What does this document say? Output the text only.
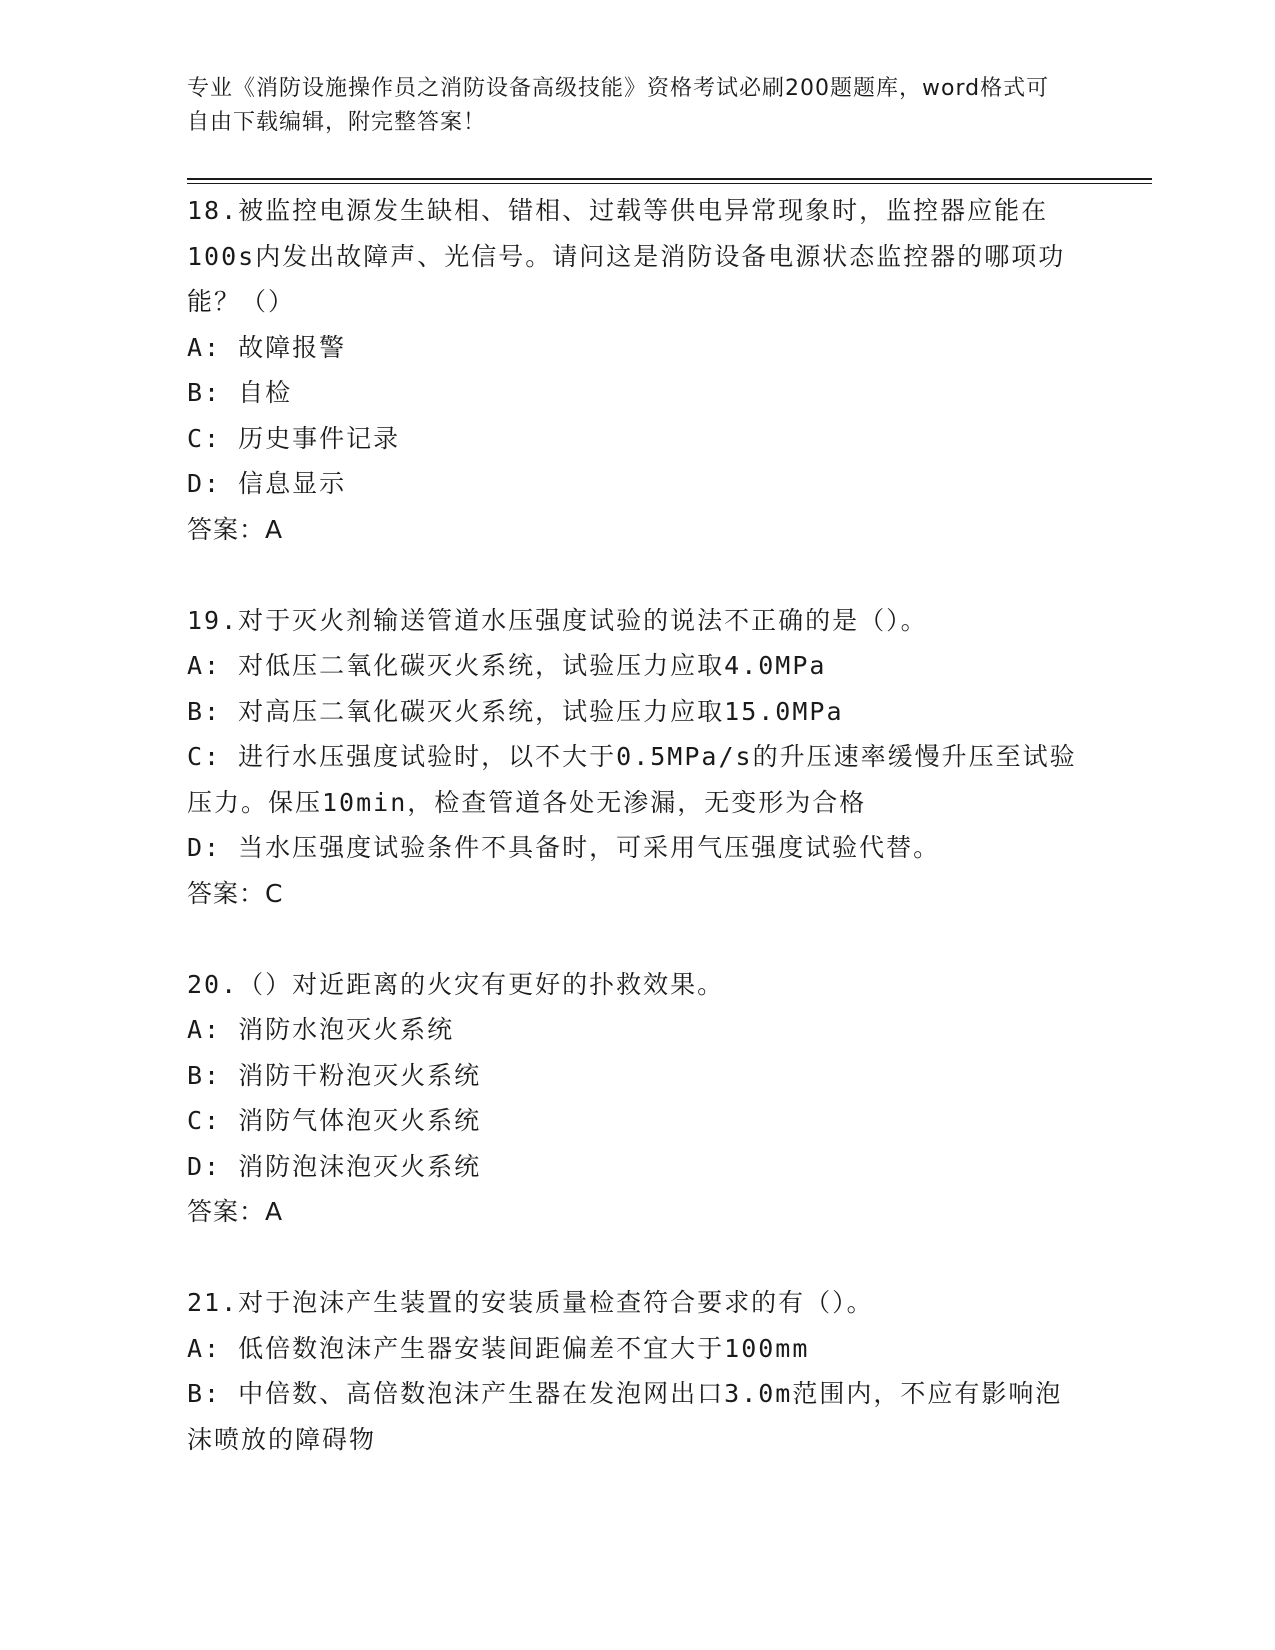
专业《消防设施操作员之消防设备高级技能》资格考试必刷200题题库，word格式可自由下载编辑，附完整答案！

18.被监控电源发生缺相、错相、过载等供电异常现象时，监控器应能在100s内发出故障声、光信号。请问这是消防设备电源状态监控器的哪项功能？（）

A: 故障报警

B: 自检

C: 历史事件记录

D: 信息显示

答案：A

19.对于灭火剂输送管道水压强度试验的说法不正确的是（）。

A: 对低压二氧化碳灭火系统，试验压力应取4.0MPa

B: 对高压二氧化碳灭火系统，试验压力应取15.0MPa

C: 进行水压强度试验时，以不大于0.5MPa/s的升压速率缓慢升压至试验压力。保压10min，检查管道各处无渗漏，无变形为合格

D: 当水压强度试验条件不具备时，可采用气压强度试验代替。

答案：C

20.（）对近距离的火灾有更好的扑救效果。

A: 消防水泡灭火系统

B: 消防干粉泡灭火系统

C: 消防气体泡灭火系统

D: 消防泡沫泡灭火系统

答案：A

21.对于泡沫产生装置的安装质量检查符合要求的有（）。

A: 低倍数泡沫产生器安装间距偏差不宜大于100mm

B: 中倍数、高倍数泡沫产生器在发泡网出口3.0m范围内，不应有影响泡沫喷放的障碍物
